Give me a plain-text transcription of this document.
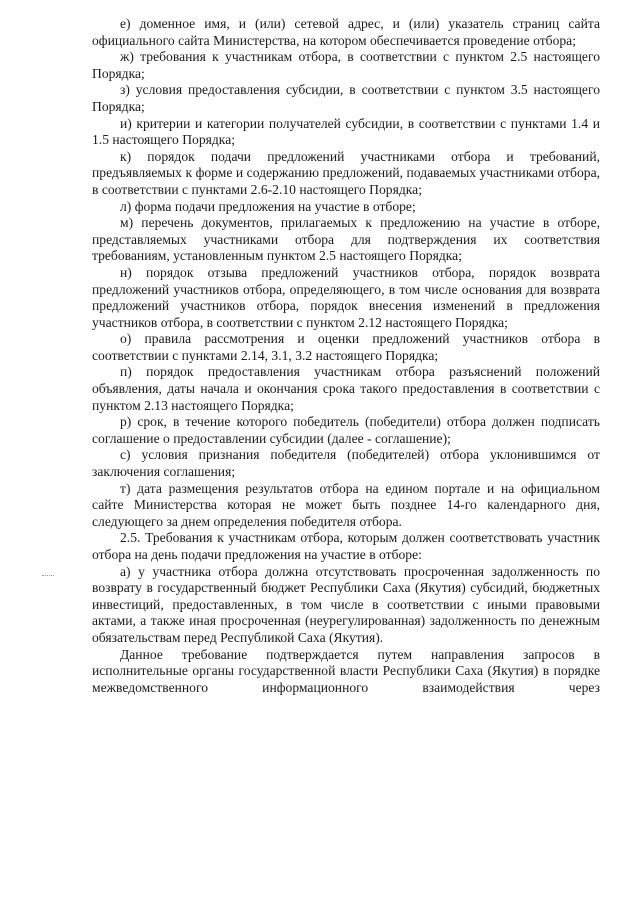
е) доменное имя, и (или) сетевой адрес, и (или) указатель страниц сайта официального сайта Министерства, на котором обеспечивается проведение отбора;

ж) требования к участникам отбора, в соответствии с пунктом 2.5 настоящего Порядка;

з) условия предоставления субсидии, в соответствии с пунктом 3.5 настоящего Порядка;

и) критерии и категории получателей субсидии, в соответствии с пунктами 1.4 и 1.5 настоящего Порядка;

к) порядок подачи предложений участниками отбора и требований, предъявляемых к форме и содержанию предложений, подаваемых участниками отбора, в соответствии с пунктами 2.6-2.10 настоящего Порядка;

л) форма подачи предложения на участие в отборе;

м) перечень документов, прилагаемых к предложению на участие в отборе, представляемых участниками отбора для подтверждения их соответствия требованиям, установленным пунктом 2.5 настоящего Порядка;

н) порядок отзыва предложений участников отбора, порядок возврата предложений участников отбора, определяющего, в том числе основания для возврата предложений участников отбора, порядок внесения изменений в предложения участников отбора, в соответствии с пунктом 2.12 настоящего Порядка;

о) правила рассмотрения и оценки предложений участников отбора в соответствии с пунктами 2.14, 3.1, 3.2 настоящего Порядка;

п) порядок предоставления участникам отбора разъяснений положений объявления, даты начала и окончания срока такого предоставления в соответствии с пунктом 2.13 настоящего Порядка;

р) срок, в течение которого победитель (победители) отбора должен подписать соглашение о предоставлении субсидии (далее - соглашение);

с) условия признания победителя (победителей) отбора уклонившимся от заключения соглашения;

т) дата размещения результатов отбора на едином портале и на официальном сайте Министерства которая не может быть позднее 14-го календарного дня, следующего за днем определения победителя отбора.

2.5. Требования к участникам отбора, которым должен соответствовать участник отбора на день подачи предложения на участие в отборе:

а) у участника отбора должна отсутствовать просроченная задолженность по возврату в государственный бюджет Республики Саха (Якутия) субсидий, бюджетных инвестиций, предоставленных, в том числе в соответствии с иными правовыми актами, а также иная просроченная (неурегулированная) задолженность по денежным обязательствам перед Республикой Саха (Якутия).

Данное требование подтверждается путем направления запросов в исполнительные органы государственной власти Республики Саха (Якутия) в порядке межведомственного информационного взаимодействия через
